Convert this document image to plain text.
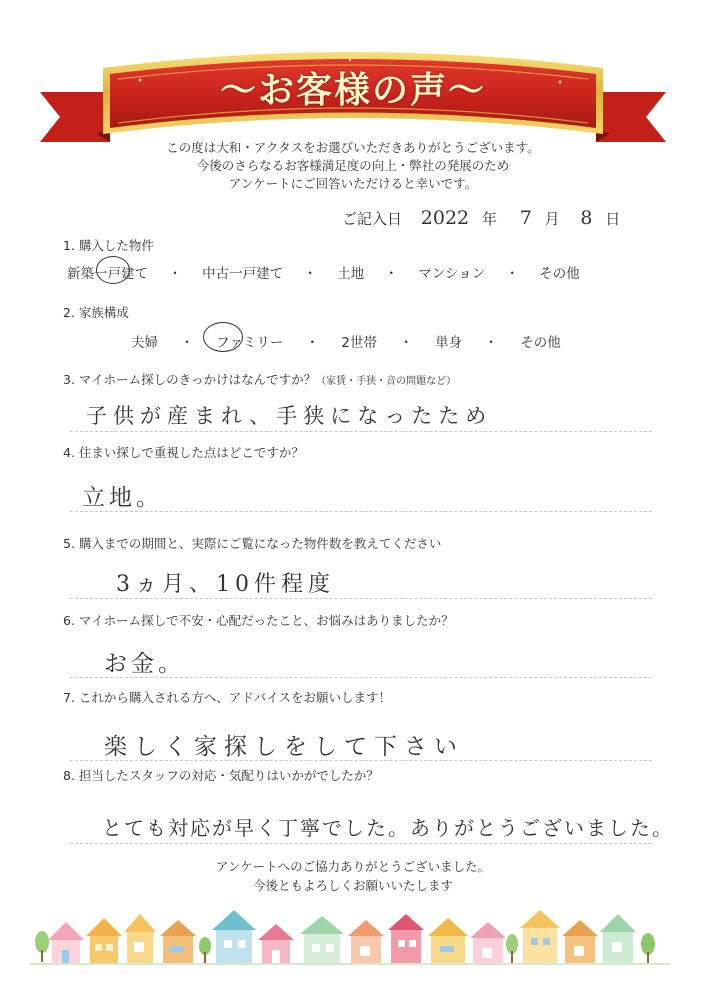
〜お客様の声〜
この度は大和・アクタスをお選びいただきありがとうございます。
今後のさらなるお客様満足度の向上・弊社の発展のため
アンケートにご回答いただけると幸いです。
ご記入日 2022 年 7 月 8 日
1. 購入した物件
新築一戸建て ・ 中古一戸建て ・ 土地 ・ マンション ・ その他
2. 家族構成
夫婦 ・ ファミリー ・ 2世帯 ・ 単身 ・ その他
3. マイホーム探しのきっかけはなんですか？（家賃・手狭・音の問題など）
子供が産まれ、手狭になったため
4. 住まい探しで重視した点はどこですか？
立地。
5. 購入までの期間と、実際にご覧になった物件数を教えてください
3ヵ月、10件程度
6. マイホーム探しで不安・心配だったこと、お悩みはありましたか？
お金。
7. これから購入される方へ、アドバイスをお願いします！
楽しく家探しをして下さい
8. 担当したスタッフの対応・気配りはいかがでしたか？
とても対応が早く丁寧でした。ありがとうございました。
アンケートへのご協力ありがとうございました。
今後ともよろしくお願いいたします
